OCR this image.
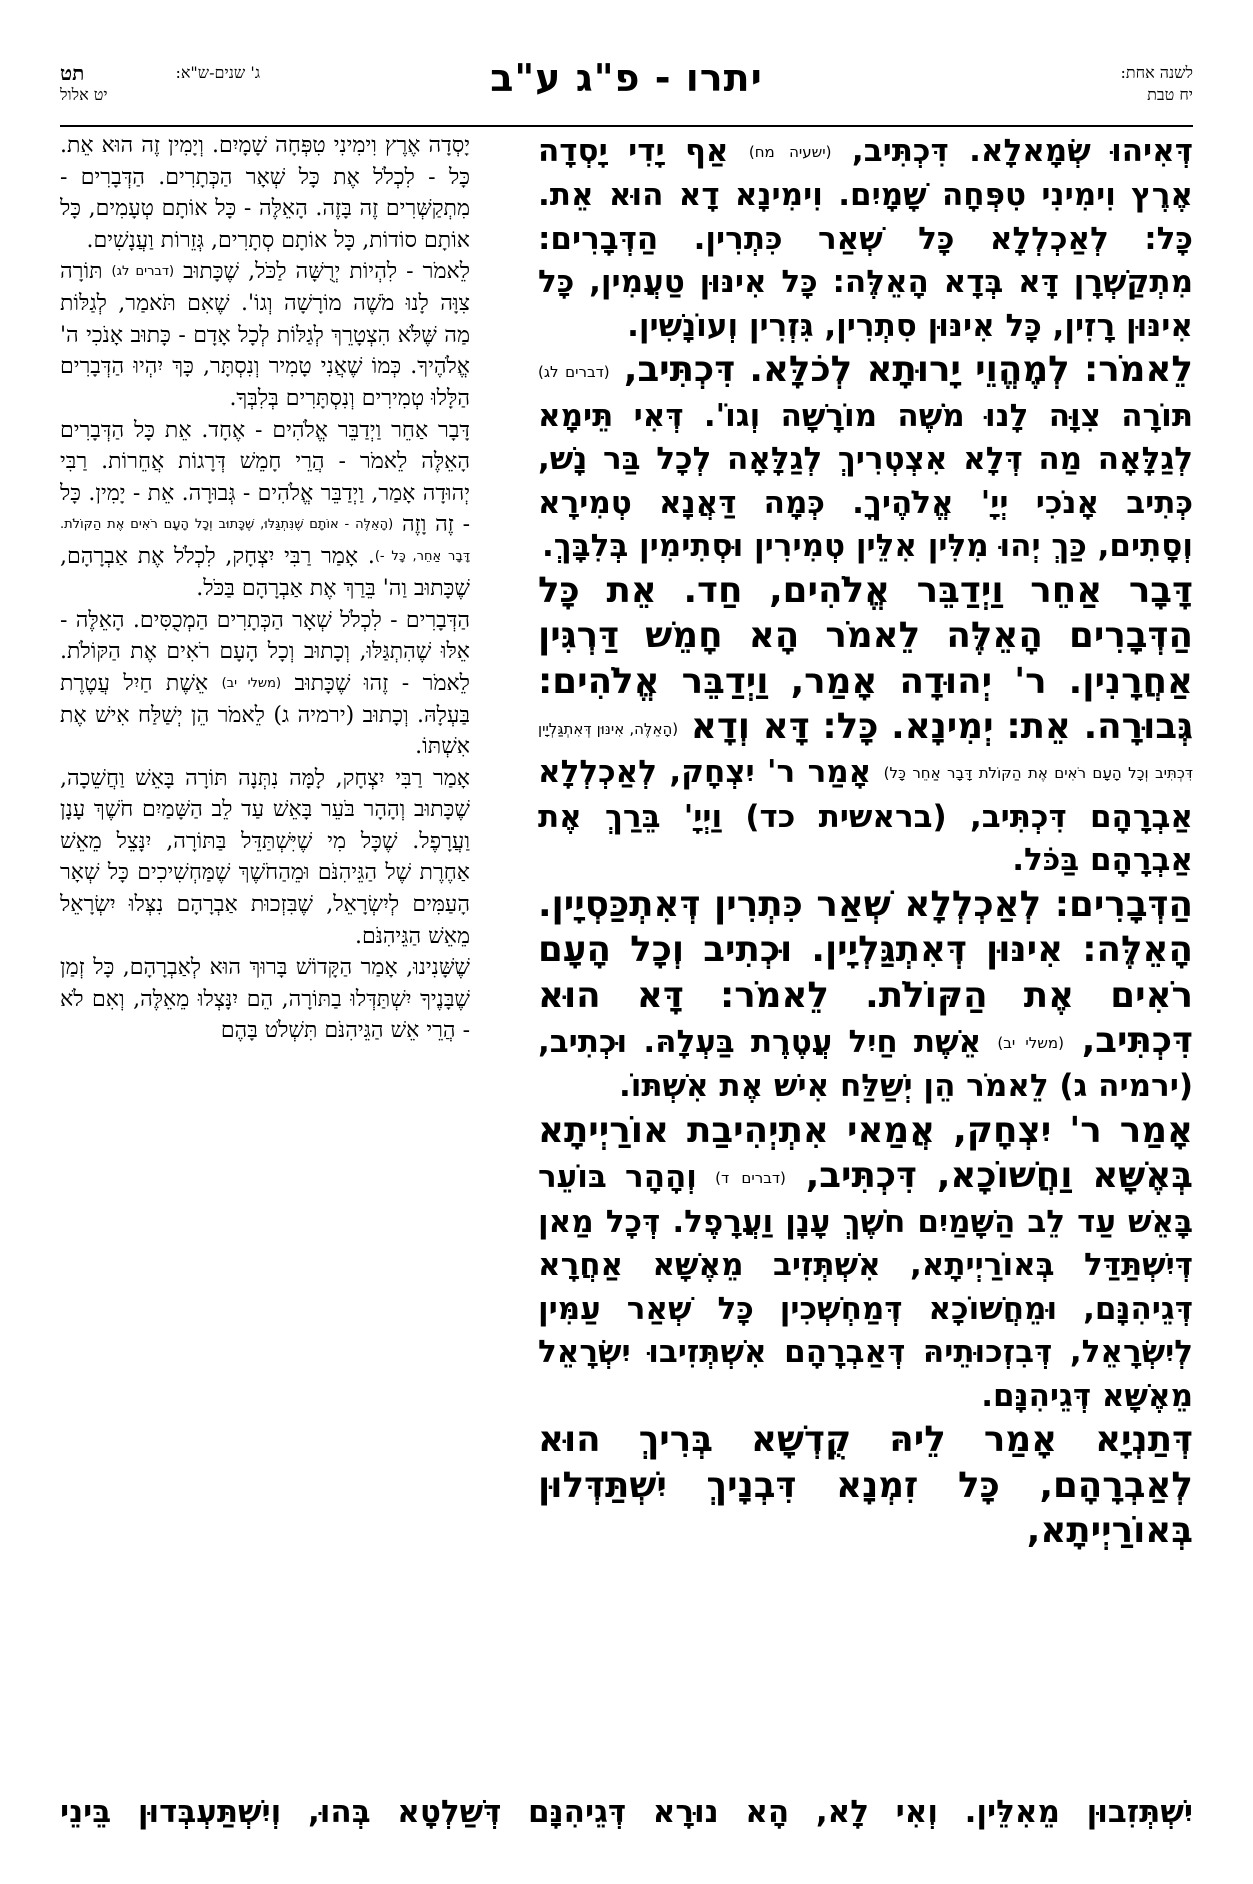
לשנה אחת:
יח טבת
יתרו - פ"ג ע"ב
ג' שנים-ש"א:
תט
יט אלול

דְּאִיהוּ שְׂמָאלָא. דִּכְתִּיב, (ישעיה מח) אַף יָדִי יָסְדָה אֶרֶץ וִימִינִי טִפְּחָה שָׁמָיִם. וִימִינָא דָא הוּא אֵת. כָּל: לְאַכְלְלָא כָּל שְׁאַר כִּתְרִין. הַדְּבָרִים: מִתְקַשְׁרָן דָּא בְּדָא הָאֵלֶּה: כָּל אִינּוּן טַעֲמִין, כָּל אִינּוּן רָזִין, כָּל אִינּוּן סִתְרִין, גִּזְרִין וְעוֹנָשִׁין.

לֵאמֹר: לְמֶהֱוֵי יָרוּתָא לְכֹלָּא. דִּכְתִּיב, (דברים לג) תּוֹרָה צִוָּה לָנוּ מֹשֶׁה מוֹרָשָׁה וְגוֹ'. דְּאִי תֵּימָא לְגַלָּאָה מַה דְּלָא אִצְטְרִיךְ לְגַלָּאָה לְכָל בַּר נָשׁ, כְּתִיב אָנֹכִי יְיָ' אֱלֹהֶיךָ. כְּמָה דַּאֲנָא טְמִירָא וְסָתִים, כַּךְ יְהוּ מִלִּין אִלֵּין טְמִירִין וּסְתִימִין בְּלִבָּךְ.

דָּבָר אַחֵר וַיְדַבֵּר אֱלֹהִים, חַד. אֵת כָּל הַדְּבָרִים הָאֵלֶּה לֵאמֹר הָא חָמֵשׁ דַּרְגִּין אַחֲרָנִין. ר' יְהוּדָה אָמַר, וַיְדַבֵּר אֱלֹהִים: גְּבוּרָה. אֵת: יְמִינָא. כָּל: דָּא וְדָא (הָאֵלֶּה, אִינּוּן דְּאִתְגַּלְיָין דִּכְתִּיב וְכָל הָעָם רֹאִים אֶת הַקּוֹלֹת דָּבָר אַחֵר כָּל) אָמַר ר' יִצְחָק, לְאַכְלְלָא אַבְרָהָם דִּכְתִּיב, (בראשית כד) וַיְיָ' בֵּרַךְ אֶת אַבְרָהָם בַּכֹּל.

הַדְּבָרִים: לְאַכְלְלָא שְׁאַר כִּתְרִין דְּאִתְכַּסְיָין. הָאֵלֶּה: אִינּוּן דְּאִתְגַּלְיָין. וּכְתִיב וְכָל הָעָם רֹאִים אֶת הַקּוֹלֹת. לֵאמֹר: דָּא הוּא דִּכְתִּיב, (משלי יב) אֵשֶׁת חַיִל עֲטֶרֶת בַּעְלָהּ. וּכְתִיב, (ירמיה ג) לֵאמֹר הֵן יְשַׁלַּח אִישׁ אֶת אִשְׁתּוֹ.

אָמַר ר' יִצְחָק, אֲמַאי אִתְיְהִיבַת אוֹרַיְיתָא בְּאֶשָּׁא וַחֲשׁוֹכָא, דִּכְתִּיב, (דברים ד) וְהָהָר בּוֹעֵר בָּאֵשׁ עַד לֵב הַשָּׁמַיִם חֹשֶׁךְ עָנָן וַעֲרָפֶל. דְּכָל מַאן דְּיִשְׁתַּדַּל בְּאוֹרַיְיתָא, אִשְׁתְּזִיב מֵאֶשָּׁא אַחֲרָא דְּגֵיהִנָּם, וּמֵחֲשׁוֹכָא דְּמַחְשְׁכִין כָּל שְׁאַר עַמִּין לְיִשְׂרָאֵל, דְּבִזְכוּתֵיהּ דְּאַבְרָהָם אִשְׁתְּזִיבוּ יִשְׂרָאֵל מֵאֶשָּׁא דְּגֵיהִנָּם.

דְּתַנְיָא אָמַר לֵיהּ קֻדְשָׁא בְּרִיךְ הוּא לְאַבְרָהָם, כָּל זִמְנָא דִּבְנָיךְ יִשְׁתַּדְּלוּן בְּאוֹרַיְיתָא,

יָסְדָה אֶרֶץ וִימִינִי טִפְּחָה שָׁמָיִם. וְיָמִין זֶה הוּא אֵת. כָּל - לִכְלֹל אֶת כָּל שְׁאָר הַכְּתָרִים. הַדְּבָרִים - מִתְקַשְּׁרִים זֶה בָּזֶה. הָאֵלֶּה - כָּל אוֹתָם טְעָמִים, כָּל אוֹתָם סוֹדוֹת, כָּל אוֹתָם סְתָרִים, גְּזֵרוֹת וַעֲנָשִׁים.

לֵאמֹר - לִהְיוֹת יְרֻשָּׁה לַכֹּל, שֶׁכָּתוּב (דברים לג) תּוֹרָה צִוָּה לָנוּ מֹשֶׁה מוֹרָשָׁה וְגוֹ'. שֶׁאִם תֹּאמַר, לְגַלּוֹת מַה שֶּׁלֹּא הִצְטָרֵךְ לְגַלּוֹת לְכָל אָדָם - כָּתוּב אָנֹכִי ה' אֱלֹהֶיךָ. כְּמוֹ שֶׁאֲנִי טָמִיר וְנִסְתָּר, כָּךְ יִהְיוּ הַדְּבָרִים הַלָּלוּ טְמִירִים וְנִסְתָּרִים בְּלִבְּךָ.

דָּבָר אַחֵר וַיְדַבֵּר אֱלֹהִים - אֶחָד. אֵת כָּל הַדְּבָרִים הָאֵלֶּה לֵאמֹר - הֲרֵי חָמֵשׁ דְּרָגוֹת אֲחֵרוֹת. רַבִּי יְהוּדָה אָמַר, וַיְדַבֵּר אֱלֹהִים - גְּבוּרָה. אֵת - יָמִין. כָּל - זֶה וָזֶה (הָאֵלֶּה - אוֹתָם שֶׁנִּתְגַּלּוּ, שֶׁכָּתוּב וְכָל הָעָם רֹאִים אֶת הַקּוֹלֹת. דָּבָר אַחֵר, כָּל -). אָמַר רַבִּי יִצְחָק, לִכְלֹל אֶת אַבְרָהָם, שֶׁכָּתוּב וַה' בֵּרַךְ אֶת אַבְרָהָם בַּכֹּל.

הַדְּבָרִים - לִכְלֹל שְׁאָר הַכְּתָרִים הַמְכֻסִּים. הָאֵלֶּה - אֵלּוּ שֶׁהִתְגַּלּוּ, וְכָתוּב וְכָל הָעָם רֹאִים אֶת הַקּוֹלֹת. לֵאמֹר - זֶהוּ שֶׁכָּתוּב (משלי יב) אֵשֶׁת חַיִל עֲטֶרֶת בַּעְלָהּ. וְכָתוּב (ירמיה ג) לֵאמֹר הֵן יְשַׁלַּח אִישׁ אֶת אִשְׁתּוֹ.

אָמַר רַבִּי יִצְחָק, לָמָּה נִתְּנָה תּוֹרָה בָּאֵשׁ וַחֲשֵׁכָה, שֶׁכָּתוּב וְהָהָר בֹּעֵר בָּאֵשׁ עַד לֵב הַשָּׁמַיִם חֹשֶׁךְ עָנָן וַעֲרָפֶל. שֶׁכָּל מִי שֶׁיִּשְׁתַּדֵּל בַּתּוֹרָה, יִנָּצֵל מֵאֵשׁ אַחֶרֶת שֶׁל הַגֵּיהִנֹּם וּמֵהַחֹשֶׁךְ שֶׁמַּחְשִׁיכִים כָּל שְׁאָר הָעַמִּים לְיִשְׂרָאֵל, שֶׁבִּזְכוּת אַבְרָהָם נִצְּלוּ יִשְׂרָאֵל מֵאֵשׁ הַגֵּיהִנֹּם.

שֶׁשָּׁנִינוּ, אָמַר הַקָּדוֹשׁ בָּרוּךְ הוּא לְאַבְרָהָם, כָּל זְמַן שֶׁבָּנֶיךָ יִשְׁתַּדְּלוּ בַתּוֹרָה, הֵם יִנָּצְלוּ מֵאֵלֶּה, וְאִם לֹא - הֲרֵי אֵשׁ הַגֵּיהִנֹּם תִּשְׁלֹט בָּהֶם

יִשְׁתְּזִבוּן מֵאִלֵּין. וְאִי לָא, הָא נוּרָא דְּגֵיהִנָּם דְּשַׁלְטָא בְּהוּ, וְיִשְׁתַּעְבְּדוּן בֵּינֵי
